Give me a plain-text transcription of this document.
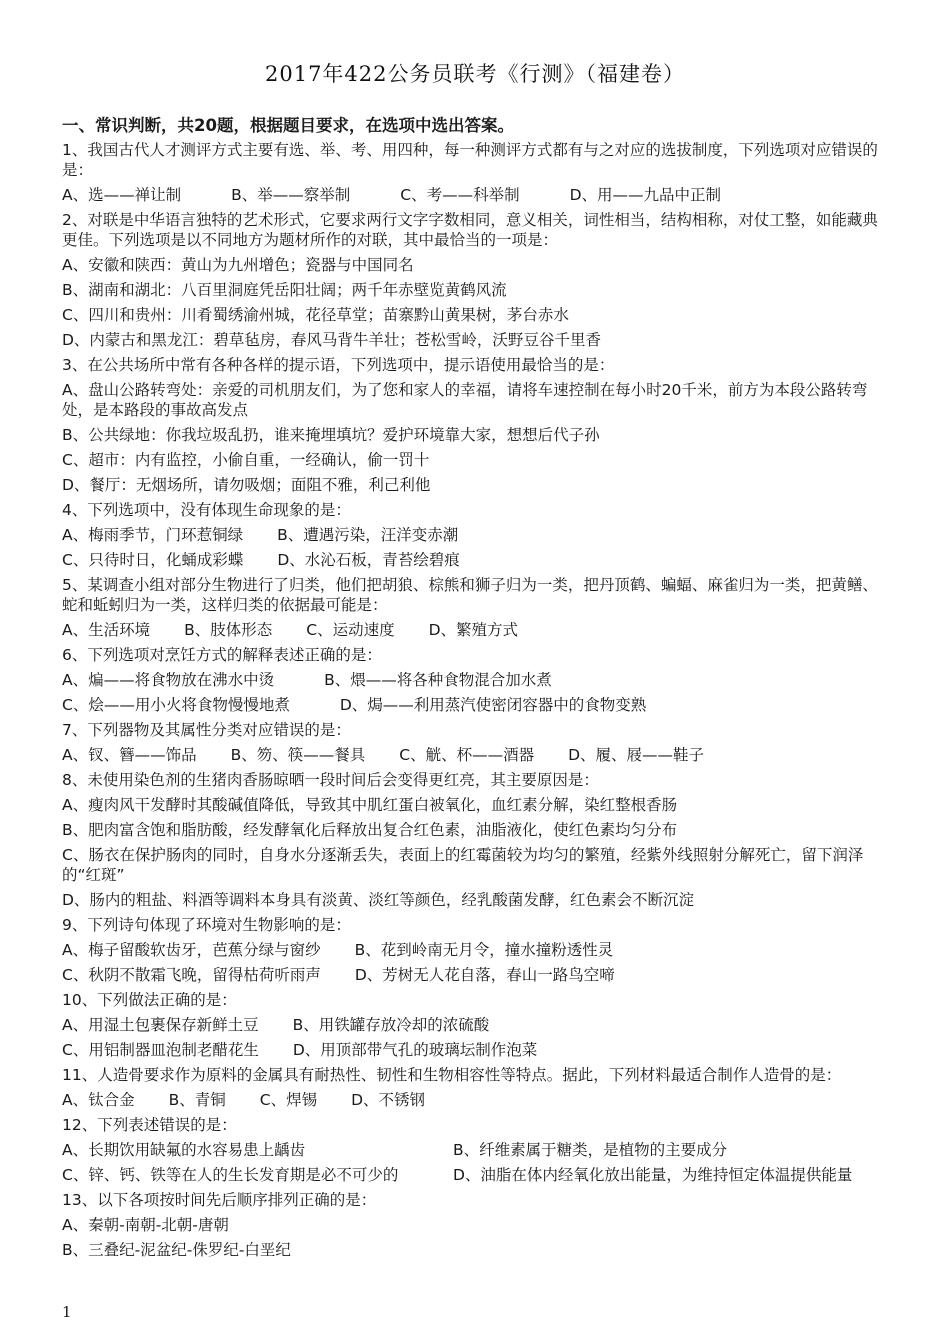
2017年422公务员联考《行测》（福建卷）
一、常识判断，共20题，根据题目要求，在选项中选出答案。
1、我国古代人才测评方式主要有选、举、考、用四种，每一种测评方式都有与之对应的选拔制度，下列选项对应错误的是：
A、选——禅让制	B、举——察举制	C、考——科举制	D、用——九品中正制
2、对联是中华语言独特的艺术形式，它要求两行文字字数相同，意义相关，词性相当，结构相称，对仗工整，如能藏典更佳。下列选项是以不同地方为题材所作的对联，其中最恰当的一项是：
A、安徽和陕西：黄山为九州增色；瓷器与中国同名
B、湖南和湖北：八百里洞庭凭岳阳壮阔；两千年赤壁览黄鹤风流
C、四川和贵州：川肴蜀绣渝州城，花径草堂；苗寨黔山黄果树，茅台赤水
D、内蒙古和黑龙江：碧草毡房，春风马背牛羊壮；苍松雪岭，沃野豆谷千里香
3、在公共场所中常有各种各样的提示语，下列选项中，提示语使用最恰当的是：
A、盘山公路转弯处：亲爱的司机朋友们，为了您和家人的幸福，请将车速控制在每小时20千米，前方为本段公路转弯处，是本路段的事故高发点
B、公共绿地：你我垃圾乱扔，谁来掩埋填坑？爱护环境靠大家，想想后代子孙
C、超市：内有监控，小偷自重，一经确认，偷一罚十
D、餐厅：无烟场所，请勿吸烟；面阻不雅，利己利他
4、下列选项中，没有体现生命现象的是：
A、梅雨季节，门环惹铜绿 B、遭遇污染，汪洋变赤潮
C、只待时日，化蛹成彩蝶 D、水沁石板，青苔绘碧痕
5、某调查小组对部分生物进行了归类，他们把胡狼、棕熊和狮子归为一类，把丹顶鹤、蝙蝠、麻雀归为一类，把黄鳝、蛇和蚯蚓归为一类，这样归类的依据最可能是：
A、生活环境 B、肢体形态 C、运动速度 D、繁殖方式
6、下列选项对烹饪方式的解释表述正确的是：
A、煸——将食物放在沸水中烫	B、煨——将各种食物混合加水煮
C、烩——用小火将食物慢慢地煮	D、焗——利用蒸汽使密闭容器中的食物变熟
7、下列器物及其属性分类对应错误的是：
A、钗、簪——饰品 B、笏、筷——餐具 C、觥、杯——酒器 D、履、屐——鞋子
8、未使用染色剂的生猪肉香肠晾晒一段时间后会变得更红亮，其主要原因是：
A、瘦肉风干发酵时其酸碱值降低，导致其中肌红蛋白被氧化，血红素分解，染红整根香肠
B、肥肉富含饱和脂肪酸，经发酵氧化后释放出复合红色素，油脂液化，使红色素均匀分布
C、肠衣在保护肠肉的同时，自身水分逐渐丢失，表面上的红霉菌较为均匀的繁殖，经紫外线照射分解死亡，留下润泽的“红斑”
D、肠内的粗盐、料酒等调料本身具有淡黄、淡红等颜色，经乳酸菌发酵，红色素会不断沉淀
9、下列诗句体现了环境对生物影响的是：
A、梅子留酸软齿牙，芭蕉分绿与窗纱 B、花到岭南无月令，撞水撞粉透性灵
C、秋阴不散霜飞晚，留得枯荷听雨声 D、芳树无人花自落，春山一路鸟空啼
10、下列做法正确的是：
A、用湿土包裹保存新鲜土豆 B、用铁罐存放冷却的浓硫酸
C、用铝制器皿泡制老醋花生 D、用顶部带气孔的玻璃坛制作泡菜
11、人造骨要求作为原料的金属具有耐热性、韧性和生物相容性等特点。据此，下列材料最适合制作人造骨的是：
A、钛合金 B、青铜 C、焊锡 D、不锈钢
12、下列表述错误的是：
A、长期饮用缺氟的水容易患上龋齿	B、纤维素属于糖类，是植物的主要成分
C、锌、钙、铁等在人的生长发育期是必不可少的	D、油脂在体内经氧化放出能量，为维持恒定体温提供能量
13、以下各项按时间先后顺序排列正确的是：
A、秦朝-南朝-北朝-唐朝
B、三叠纪-泥盆纪-侏罗纪-白垩纪
1
